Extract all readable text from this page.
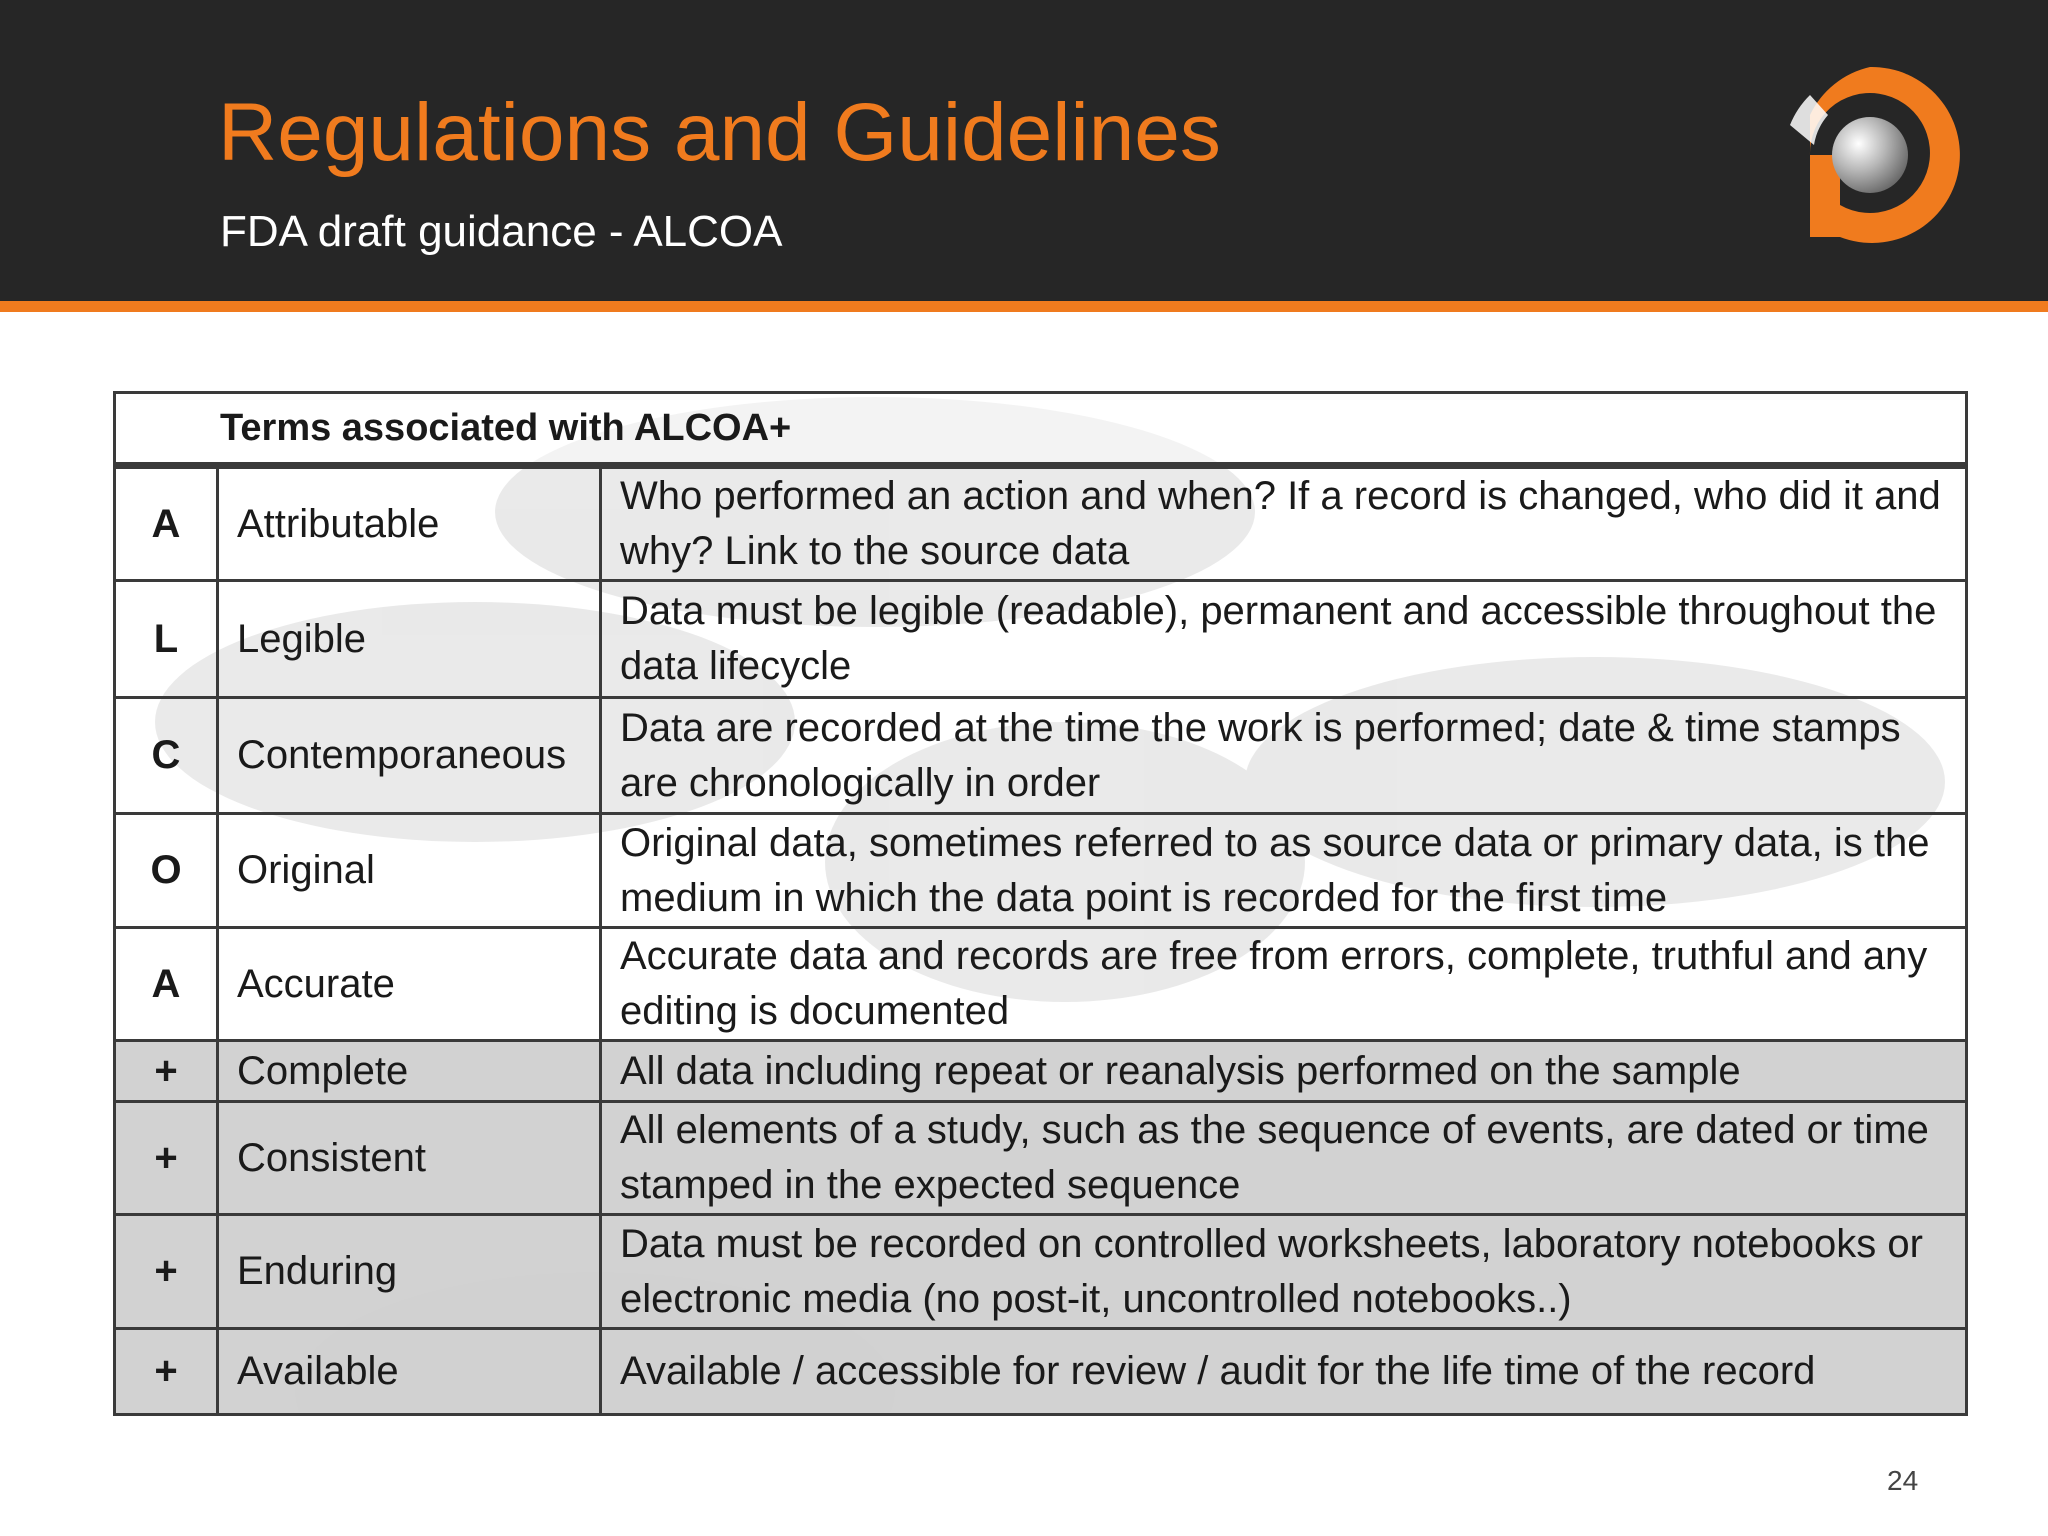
Regulations and Guidelines
FDA draft guidance - ALCOA
Terms associated with ALCOA+		
A	Attributable	Who performed an action and when? If a record is changed, who did it and why? Link to the source data
L	Legible	Data must be legible (readable), permanent and accessible throughout the data lifecycle
C	Contemporaneous	Data are recorded at the time the work is performed; date & time stamps are chronologically in order
O	Original	Original data, sometimes referred to as source data or primary data, is the medium in which the data point is recorded for the first time
A	Accurate	Accurate data and records are free from errors, complete, truthful and any editing is documented
+	Complete	All data including repeat or reanalysis performed on the sample
+	Consistent	All elements of a study, such as the sequence of events, are dated or time stamped in the expected sequence
+	Enduring	Data must be recorded on controlled worksheets, laboratory notebooks or electronic media (no post-it, uncontrolled notebooks..)
+	Available	Available / accessible for review / audit for the life time of the record
24
